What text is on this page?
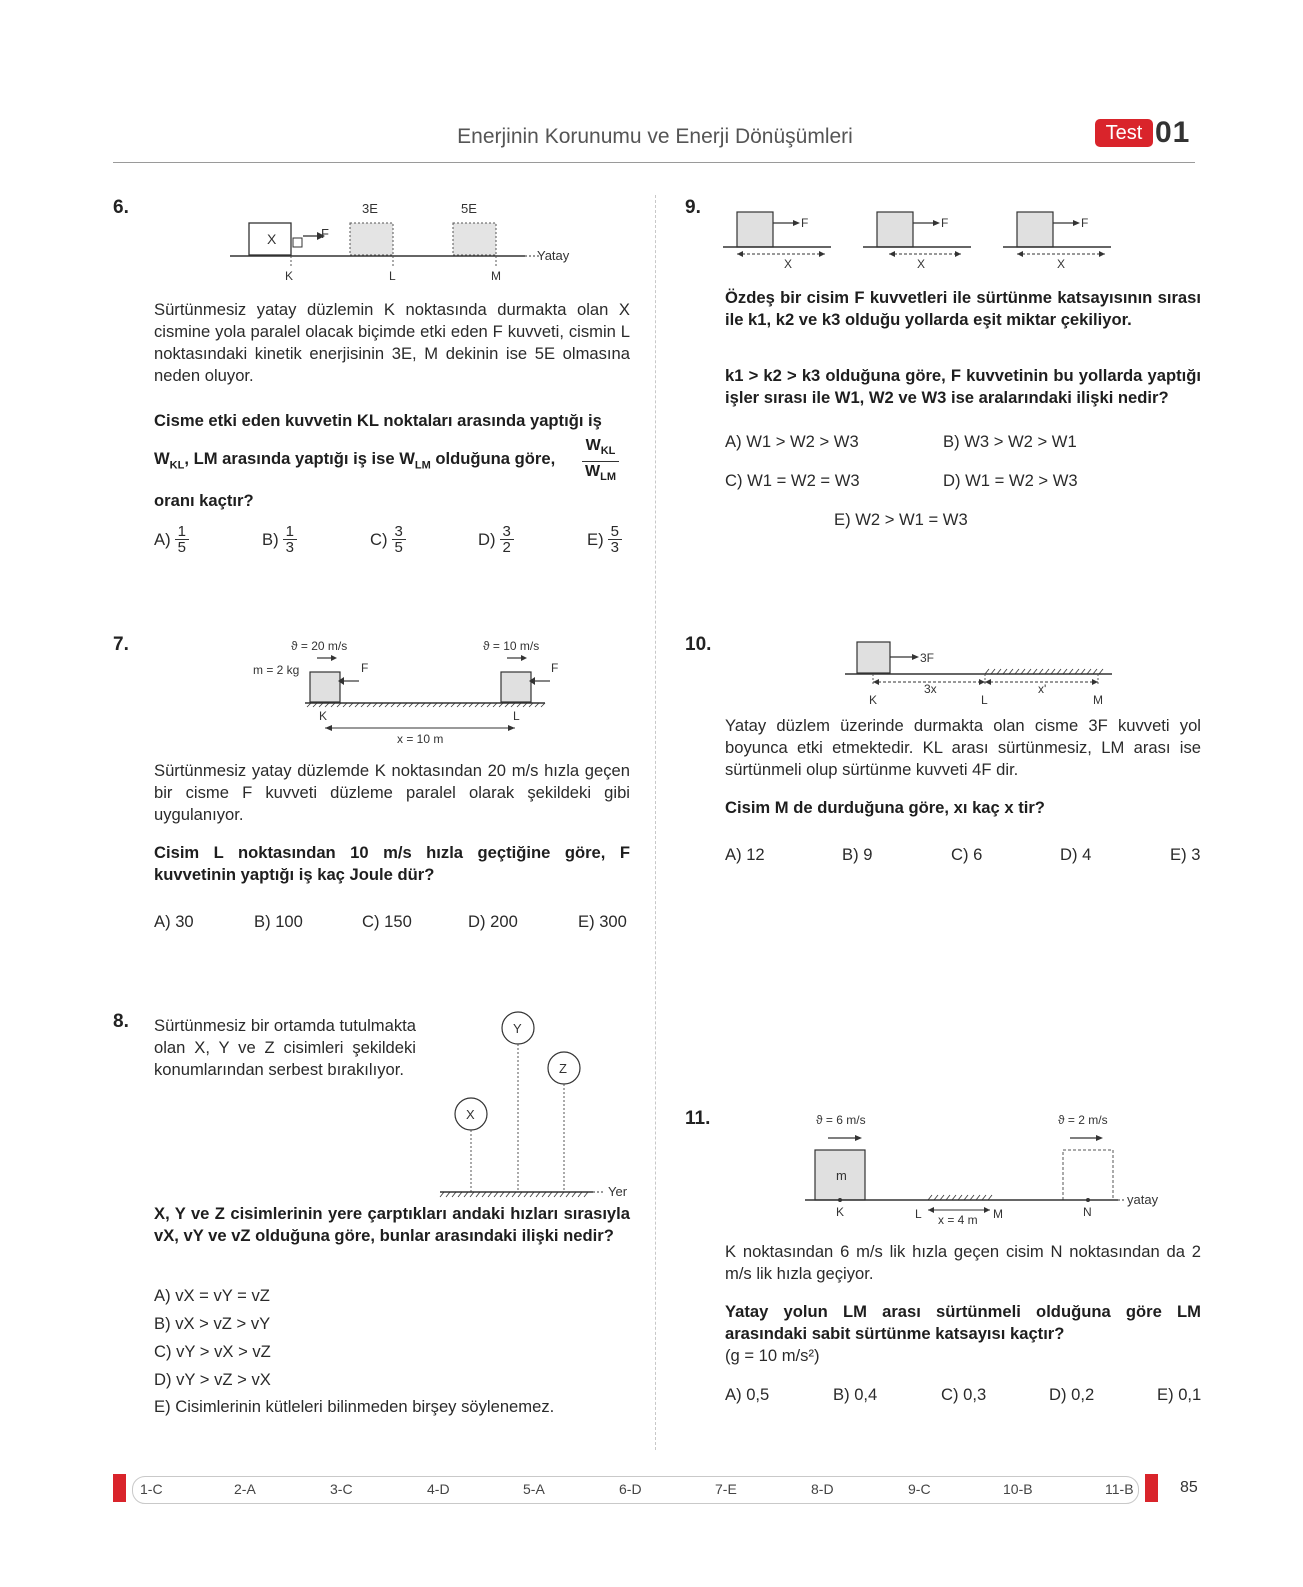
Enerjinin Korunumu ve Enerji Dönüşümleri	Test 01
6.
X	F
3E	5E
K	L	M
Yatay
Sürtünmesiz yatay düzlemin K noktasında durmakta olan X cismine yola paralel olacak biçimde etki eden F kuvveti, cismin L noktasındaki kinetik enerjisinin 3E, M dekinin ise 5E olmasına neden oluyor.
Cisme etki eden kuvvetin KL noktaları arasında yaptığı iş
$W_{KL}$, LM arasında yaptığı iş ise $W_{LM}$ olduğuna göre, $\frac{W_{KL}}{W_{LM}}$
oranı kaçtır?
$A) \frac{1}{5}$	$B) \frac{1}{3}$	$C) \frac{3}{5}$	$D) \frac{3}{2}$	$E) \frac{5}{3}$
7.	ϑ = 20 m/s	ϑ = 10 m/s
m = 2 kg	F	F
K	L
x = 10 m
Sürtünmesiz yatay düzlemde K noktasından 20 m/s hızla geçen bir cisme F kuvveti düzleme paralel olarak şekildeki gibi uygulanıyor.
Cisim L noktasından 10 m/s hızla geçtiğine göre, F kuvvetinin yaptığı iş kaç Joule dür?
A) 30	B) 100	C) 150	D) 200	E) 300
8. Sürtünmesiz bir ortamda tutulmakta olan X, Y ve Z cisimleri şekildeki konumlarından serbest bırakılıyor.
Y
Z
X
Yer
X, Y ve Z cisimlerinin yere çarptıkları andaki hızları sırasıyla vX, vY ve vZ olduğuna göre, bunlar arasındaki ilişki nedir?
A) vX = vY = vZ
B) vX > vZ > vY
C) vY > vX > vZ
D) vY > vZ > vX
E) Cisimlerinin kütleleri bilinmeden birşey söylenemez.
9.
F
X
F
X
F
X
Özdeş bir cisim F kuvvetleri ile sürtünme katsayısının sırası ile k1, k2 ve k3 olduğu yollarda eşit miktar çekiliyor.
k1 > k2 > k3 olduğuna göre, F kuvvetinin bu yollarda yaptığı işler sırası ile W1, W2 ve W3 ise aralarındaki ilişki nedir?
A) W1 > W2 > W3	B) W3 > W2 > W1
C) W1 = W2 = W3	D) W1 = W2 > W3
E) W2 > W1 = W3
10.
3F
3x	x'
K	L	M
Yatay düzlem üzerinde durmakta olan cisme 3F kuvveti yol boyunca etki etmektedir. KL arası sürtünmesiz, LM arası ise sürtünmeli olup sürtünme kuvveti 4F dir.
Cisim M de durduğuna göre, xı kaç x tir?
A) 12	B) 9	C) 6	D) 4	E) 3
11.	ϑ = 6 m/s	ϑ = 2 m/s
m
yatay
K	L	M	N
x = 4 m
K noktasından 6 m/s lik hızla geçen cisim N noktasından da 2 m/s lik hızla geçiyor.
Yatay yolun LM arası sürtünmeli olduğuna göre LM arasındaki sabit sürtünme katsayısı kaçtır?
(g = 10 m/s²)
A) 0,5	B) 0,4	C) 0,3	D) 0,2	E) 0,1
1-C	2-A	3-C	4-D	5-A	6-D	7-E	8-D	9-C	10-B	11-B	85
